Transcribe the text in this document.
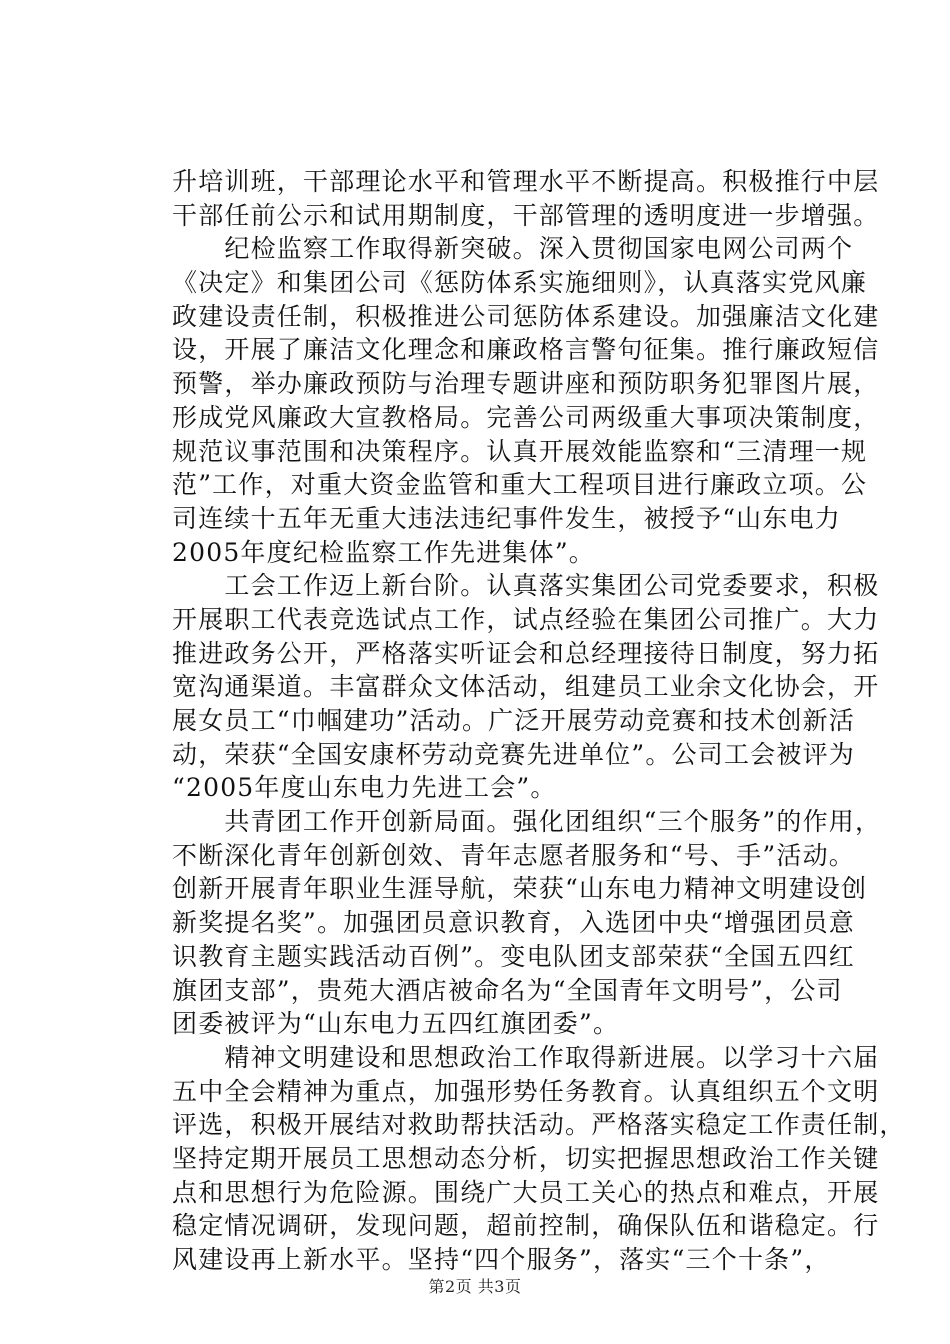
升培训班，干部理论水平和管理水平不断提高。积极推行中层
干部任前公示和试用期制度，干部管理的透明度进一步增强。
　　纪检监察工作取得新突破。深入贯彻国家电网公司两个
《决定》和集团公司《惩防体系实施细则》，认真落实党风廉
政建设责任制，积极推进公司惩防体系建设。加强廉洁文化建
设，开展了廉洁文化理念和廉政格言警句征集。推行廉政短信
预警，举办廉政预防与治理专题讲座和预防职务犯罪图片展，
形成党风廉政大宣教格局。完善公司两级重大事项决策制度，
规范议事范围和决策程序。认真开展效能监察和“三清理一规
范”工作，对重大资金监管和重大工程项目进行廉政立项。公
司连续十五年无重大违法违纪事件发生，被授予“山东电力
2005年度纪检监察工作先进集体”。
　　工会工作迈上新台阶。认真落实集团公司党委要求，积极
开展职工代表竞选试点工作，试点经验在集团公司推广。大力
推进政务公开，严格落实听证会和总经理接待日制度，努力拓
宽沟通渠道。丰富群众文体活动，组建员工业余文化协会，开
展女员工“巾帼建功”活动。广泛开展劳动竞赛和技术创新活
动，荣获“全国安康杯劳动竞赛先进单位”。公司工会被评为
“2005年度山东电力先进工会”。
　　共青团工作开创新局面。强化团组织“三个服务”的作用，
不断深化青年创新创效、青年志愿者服务和“号、手”活动。
创新开展青年职业生涯导航，荣获“山东电力精神文明建设创
新奖提名奖”。加强团员意识教育，入选团中央“增强团员意
识教育主题实践活动百例”。变电队团支部荣获“全国五四红
旗团支部”，贵苑大酒店被命名为“全国青年文明号”，公司
团委被评为“山东电力五四红旗团委”。
　　精神文明建设和思想政治工作取得新进展。以学习十六届
五中全会精神为重点，加强形势任务教育。认真组织五个文明
评选，积极开展结对救助帮扶活动。严格落实稳定工作责任制，
坚持定期开展员工思想动态分析，切实把握思想政治工作关键
点和思想行为危险源。围绕广大员工关心的热点和难点，开展
稳定情况调研，发现问题，超前控制，确保队伍和谐稳定。行
风建设再上新水平。坚持“四个服务”，落实“三个十条”，
第2页 共3页
